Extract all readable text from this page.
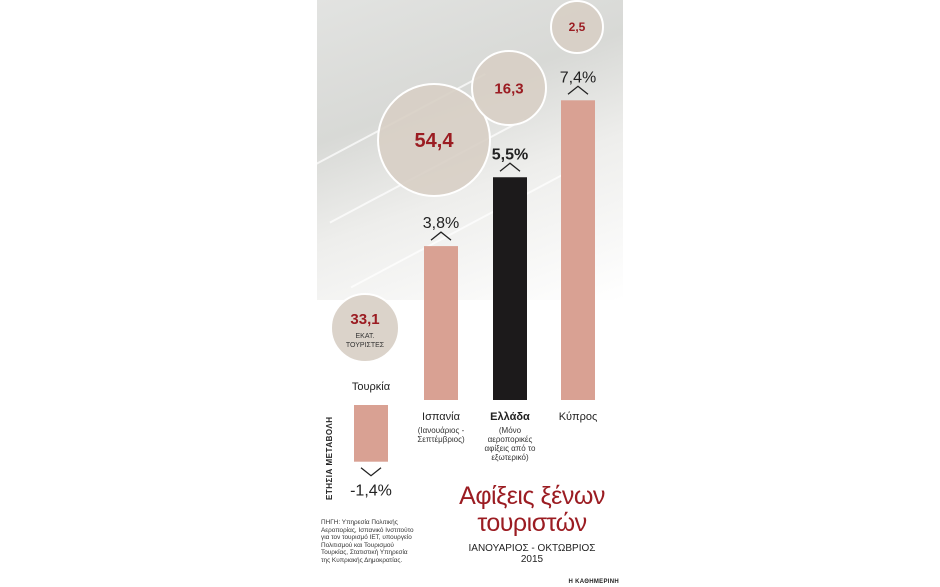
-1,4%
3,8%
5,5%
7,4%
33,1
54,4
16,3
2,5
ΕΚΑΤ.
ΤΟΥΡΙΣΤΕΣ
ΕΤΗΣΙΑ ΜΕΤΑΒΟΛΗ
ΠΗΓΗ: Υπηρεσία Πολιτικής Αεροπορίας, Ισπανικό Ινστιτούτο για τον τουρισμό IET, υπουργείο Πολιτισμού και Τουρισμού Τουρκίας, Στατιστική Υπηρεσία της Κυπριακής Δημοκρατίας.
Αφίξεις ξένων τουριστών
ΙΑΝΟΥΑΡΙΟΣ - ΟΚΤΩΒΡΙΟΣ 2015
Η ΚΑΘΗΜΕΡΙΝΗ
Τουρκία
Ισπανία
(Ιανουάριος - Σεπτέμβριος)
Ελλάδα
(Μόνο αεροπορικές αφίξεις από το εξωτερικό)
Κύπρος
